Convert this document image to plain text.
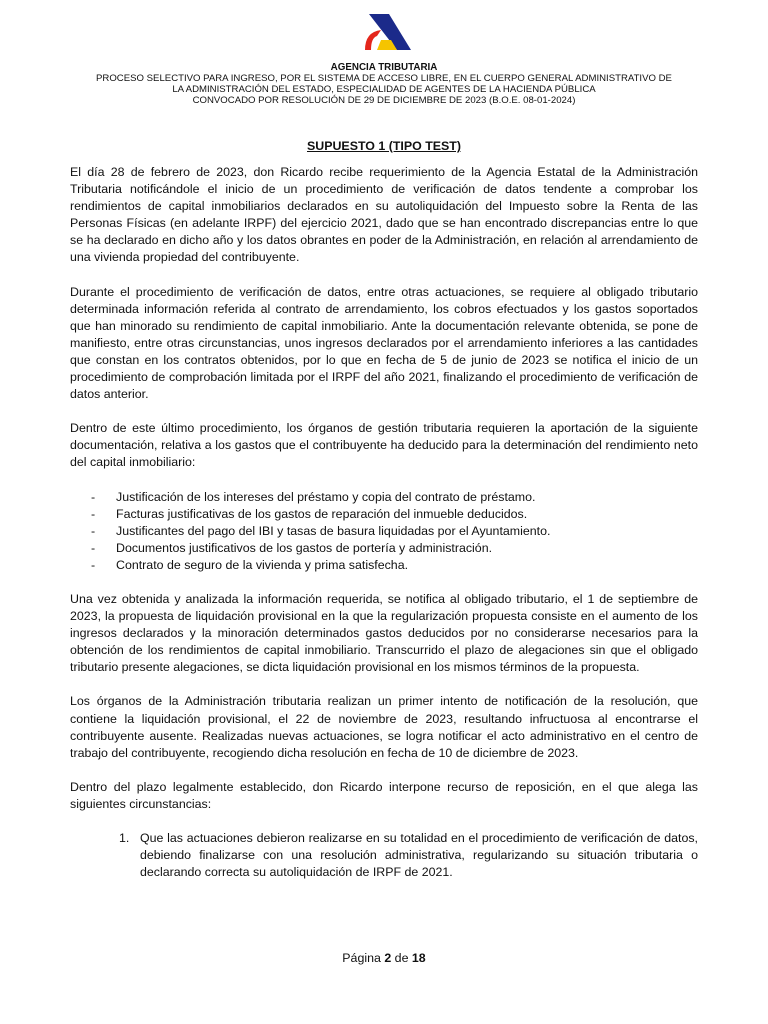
AGENCIA TRIBUTARIA
PROCESO SELECTIVO PARA INGRESO, POR EL SISTEMA DE ACCESO LIBRE, EN EL CUERPO GENERAL ADMINISTRATIVO DE
LA ADMINISTRACIÓN DEL ESTADO, ESPECIALIDAD DE AGENTES DE LA HACIENDA PÚBLICA
CONVOCADO POR RESOLUCIÓN DE 29 DE DICIEMBRE DE 2023 (B.O.E. 08-01-2024)
SUPUESTO 1 (TIPO TEST)

El día 28 de febrero de 2023, don Ricardo recibe requerimiento de la Agencia Estatal de la Administración Tributaria notificándole el inicio de un procedimiento de verificación de datos tendente a comprobar los rendimientos de capital inmobiliarios declarados en su autoliquidación del Impuesto sobre la Renta de las Personas Físicas (en adelante IRPF) del ejercicio 2021, dado que se han encontrado discrepancias entre lo que se ha declarado en dicho año y los datos obrantes en poder de la Administración, en relación al arrendamiento de una vivienda propiedad del contribuyente.

Durante el procedimiento de verificación de datos, entre otras actuaciones, se requiere al obligado tributario determinada información referida al contrato de arrendamiento, los cobros efectuados y los gastos soportados que han minorado su rendimiento de capital inmobiliario. Ante la documentación relevante obtenida, se pone de manifiesto, entre otras circunstancias, unos ingresos declarados por el arrendamiento inferiores a las cantidades que constan en los contratos obtenidos, por lo que en fecha de 5 de junio de 2023 se notifica el inicio de un procedimiento de comprobación limitada por el IRPF del año 2021, finalizando el procedimiento de verificación de datos anterior.

Dentro de este último procedimiento, los órganos de gestión tributaria requieren la aportación de la siguiente documentación, relativa a los gastos que el contribuyente ha deducido para la determinación del rendimiento neto del capital inmobiliario:

- Justificación de los intereses del préstamo y copia del contrato de préstamo.
- Facturas justificativas de los gastos de reparación del inmueble deducidos.
- Justificantes del pago del IBI y tasas de basura liquidadas por el Ayuntamiento.
- Documentos justificativos de los gastos de portería y administración.
- Contrato de seguro de la vivienda y prima satisfecha.

Una vez obtenida y analizada la información requerida, se notifica al obligado tributario, el 1 de septiembre de 2023, la propuesta de liquidación provisional en la que la regularización propuesta consiste en el aumento de los ingresos declarados y la minoración determinados gastos deducidos por no considerarse necesarios para la obtención de los rendimientos de capital inmobiliario. Transcurrido el plazo de alegaciones sin que el obligado tributario presente alegaciones, se dicta liquidación provisional en los mismos términos de la propuesta.

Los órganos de la Administración tributaria realizan un primer intento de notificación de la resolución, que contiene la liquidación provisional, el 22 de noviembre de 2023, resultando infructuosa al encontrarse el contribuyente ausente. Realizadas nuevas actuaciones, se logra notificar el acto administrativo en el centro de trabajo del contribuyente, recogiendo dicha resolución en fecha de 10 de diciembre de 2023.

Dentro del plazo legalmente establecido, don Ricardo interpone recurso de reposición, en el que alega las siguientes circunstancias:

1. Que las actuaciones debieron realizarse en su totalidad en el procedimiento de verificación de datos, debiendo finalizarse con una resolución administrativa, regularizando su situación tributaria o declarando correcta su autoliquidación de IRPF de 2021.
Página 2 de 18
